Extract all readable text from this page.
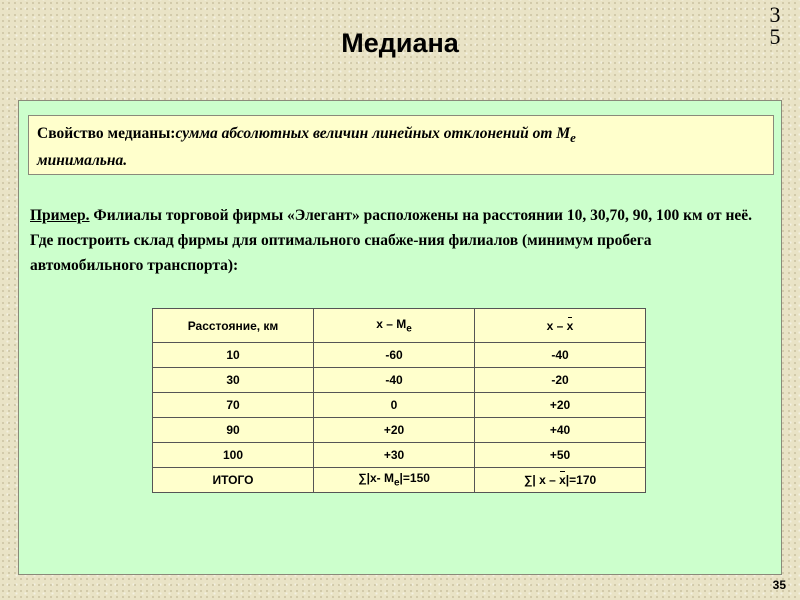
3
5
Медиана
Свойство медианы:сумма абсолютных величин линейных отклонений от $М_е$
минимальна.
Пример. Филиалы торговой фирмы «Элегант» расположены на расстоянии 10, 30,70, 90, 100 км от неё. Где построить склад фирмы для оптимального снабже-ния филиалов (минимум пробега автомобильного транспорта):
Расстояние, км	x – $M_e$	x – x
10	-60	-40
30	-40	-20
70	0	+20
90	+20	+40
100	+30	+50
ИТОГО	∑|x- $M_e|=150$	∑| x – x|=170
35
